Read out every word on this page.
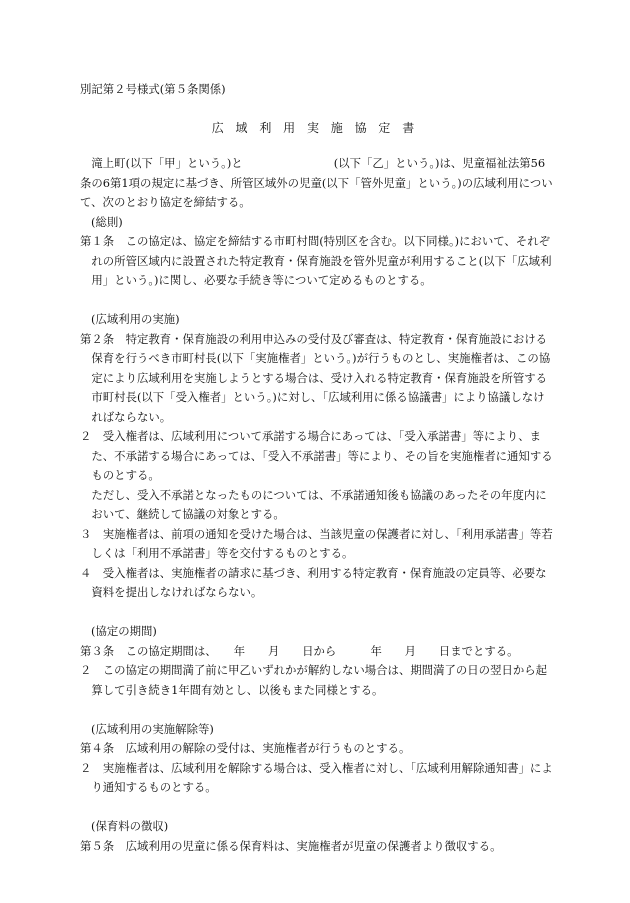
別記第２号様式(第５条関係)
広 域 利 用 実 施 協 定 書

滝上町(以下「甲」という。)と　　　　　　　　(以下「乙」という。)は、児童福祉法第56条の6第1項の規定に基づき、所管区域外の児童(以下「管外児童」という。)の広域利用について、次のとおり協定を締結する。

(総則)

第１条　この協定は、協定を締結する市町村間(特別区を含む。以下同様。)において、それぞれの所管区域内に設置された特定教育・保育施設を管外児童が利用すること(以下「広域利用」という。)に関し、必要な手続き等について定めるものとする。

(広域利用の実施)

第２条　特定教育・保育施設の利用申込みの受付及び審査は、特定教育・保育施設における保育を行うべき市町村長(以下「実施権者」という。)が行うものとし、実施権者は、この協定により広域利用を実施しようとする場合は、受け入れる特定教育・保育施設を所管する市町村長(以下「受入権者」という。)に対し、「広域利用に係る協議書」により協議しなければならない。

２　受入権者は、広域利用について承諾する場合にあっては、「受入承諾書」等により、また、不承諾する場合にあっては、「受入不承諾書」等により、その旨を実施権者に通知するものとする。

ただし、受入不承諾となったものについては、不承諾通知後も協議のあったその年度内において、継続して協議の対象とする。

３　実施権者は、前項の通知を受けた場合は、当該児童の保護者に対し、「利用承諾書」等若しくは「利用不承諾書」等を交付するものとする。

４　受入権者は、実施権者の請求に基づき、利用する特定教育・保育施設の定員等、必要な資料を提出しなければならない。

(協定の期間)

第３条　この協定期間は、　　年　　月　　日から　　　年　　月　　日までとする。

２　この協定の期間満了前に甲乙いずれかが解約しない場合は、期間満了の日の翌日から起算して引き続き1年間有効とし、以後もまた同様とする。

(広域利用の実施解除等)

第４条　広域利用の解除の受付は、実施権者が行うものとする。

２　実施権者は、広域利用を解除する場合は、受入権者に対し、「広域利用解除通知書」により通知するものとする。

(保育料の徴収)

第５条　広域利用の児童に係る保育料は、実施権者が児童の保護者より徴収する。
